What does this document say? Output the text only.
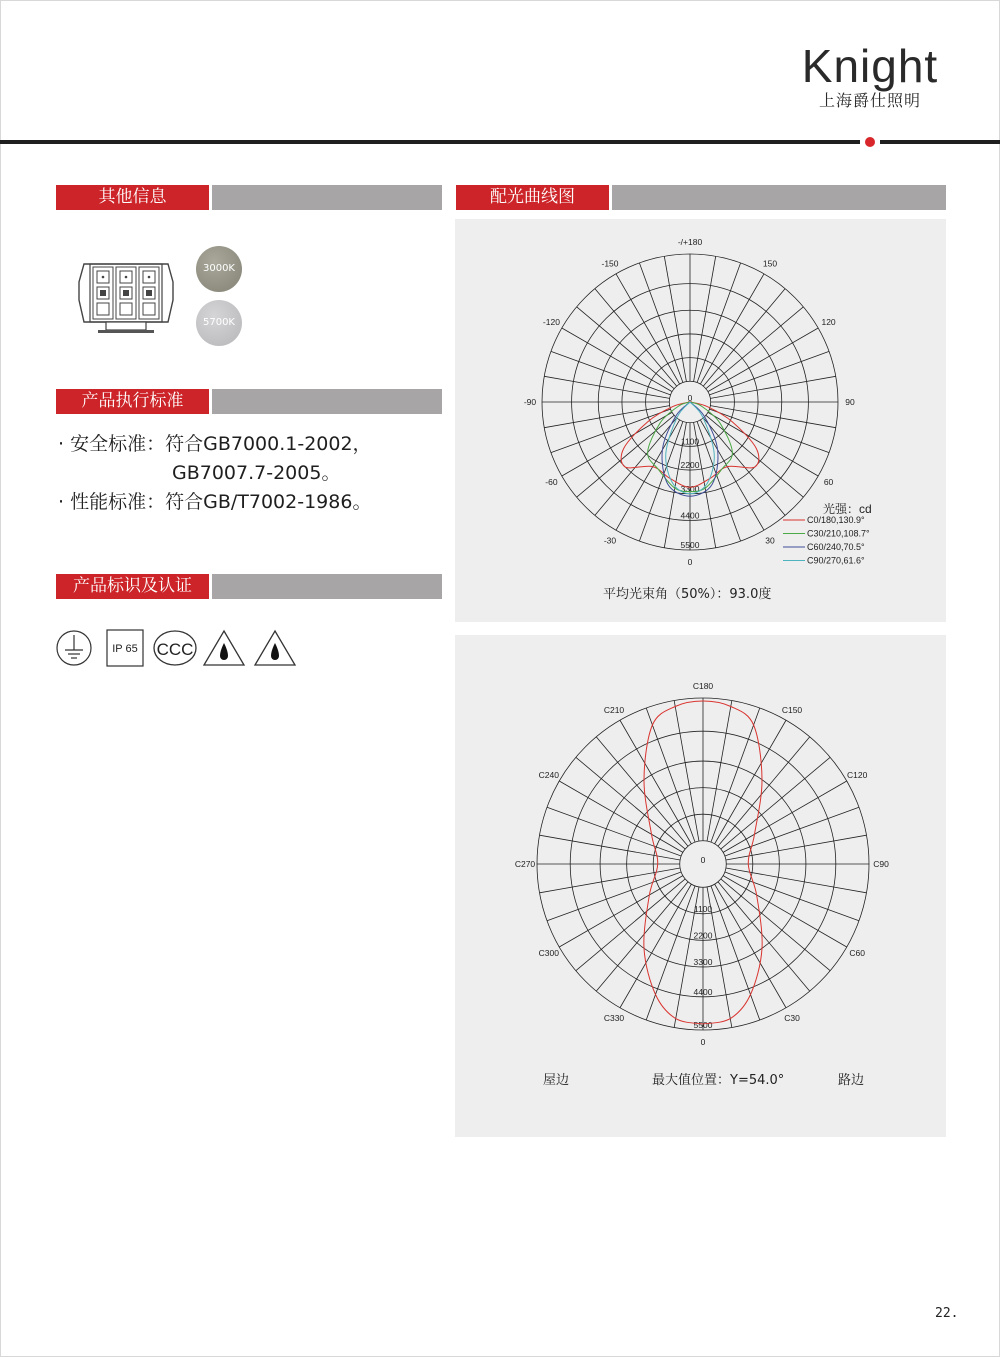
Knight
上海爵仕照明
其他信息
3000K
5700K
产品执行标准
· 安全标准：符合GB7000.1-2002，
GB7007.7-2005。
· 性能标准：符合GB/T7002-1986。
产品标识及认证
IP 65 CCC
配光曲线图
-/+180
150
120
90
60
30
0
-30
-60
-90
-120
-150
0
1100
2200
3300
4400
5500
光强：cd
C0/180,130.9°
C30/210,108.7°
C60/240,70.5°
C90/270,61.6°
平均光束角（50%）：93.0度
C180
C150
C120
C90
C60
C30
0
C330
C300
C270
C240
C210
0
1100
2200
3300
4400
5500
屋边	最大值位置：Y=54.0°	路边
22.
